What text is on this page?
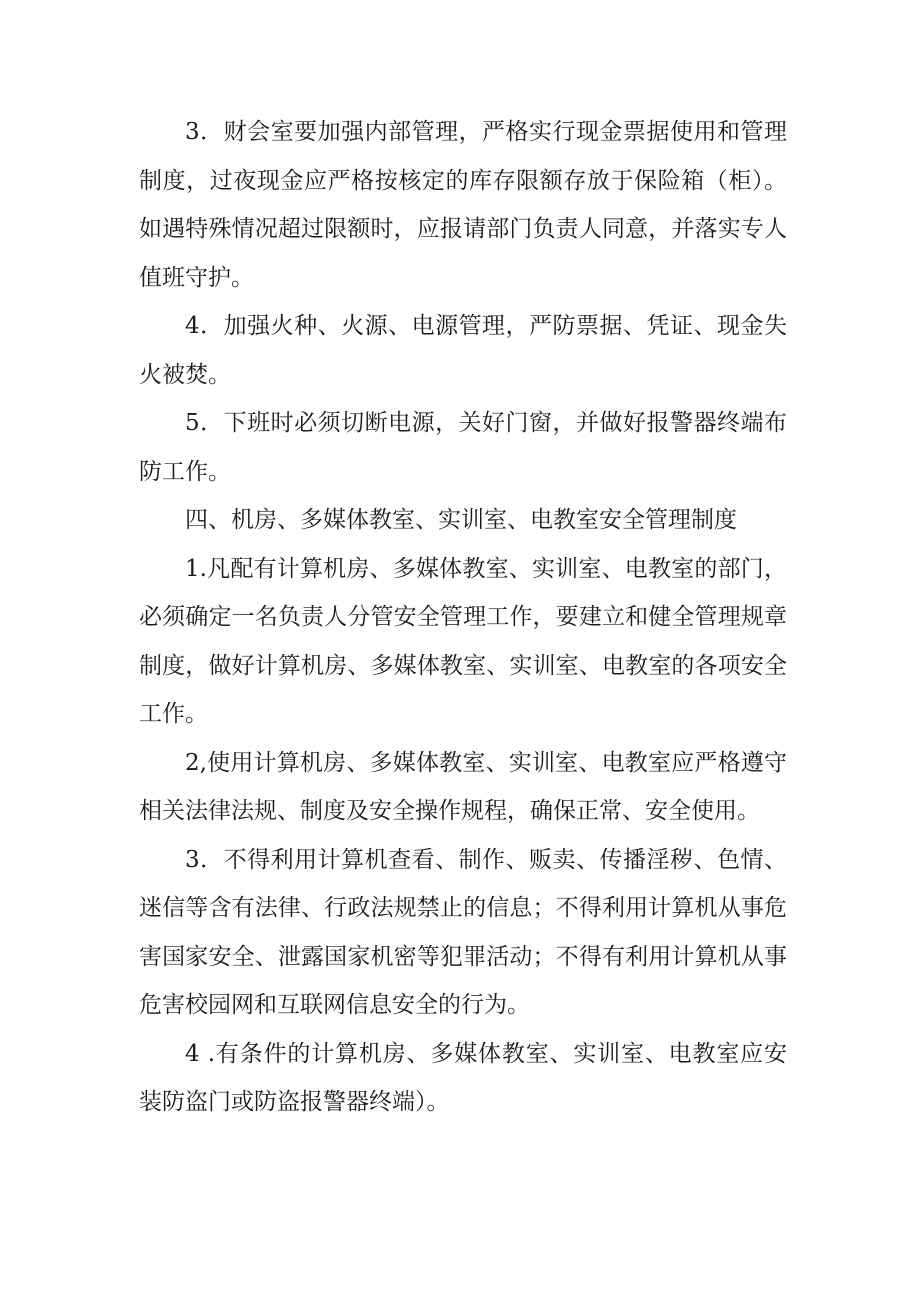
3．财会室要加强内部管理，严格实行现金票据使用和管理制度，过夜现金应严格按核定的库存限额存放于保险箱（柜）。如遇特殊情况超过限额时，应报请部门负责人同意，并落实专人值班守护。

4．加强火种、火源、电源管理，严防票据、凭证、现金失火被焚。

5．下班时必须切断电源，关好门窗，并做好报警器终端布防工作。

四、机房、多媒体教室、实训室、电教室安全管理制度

1.凡配有计算机房、多媒体教室、实训室、电教室的部门，必须确定一名负责人分管安全管理工作，要建立和健全管理规章制度，做好计算机房、多媒体教室、实训室、电教室的各项安全工作。

2,使用计算机房、多媒体教室、实训室、电教室应严格遵守相关法律法规、制度及安全操作规程，确保正常、安全使用。

3．不得利用计算机查看、制作、贩卖、传播淫秽、色情、迷信等含有法律、行政法规禁止的信息；不得利用计算机从事危害国家安全、泄露国家机密等犯罪活动；不得有利用计算机从事危害校园网和互联网信息安全的行为。

4 .有条件的计算机房、多媒体教室、实训室、电教室应安装防盗门或防盗报警器终端）。
